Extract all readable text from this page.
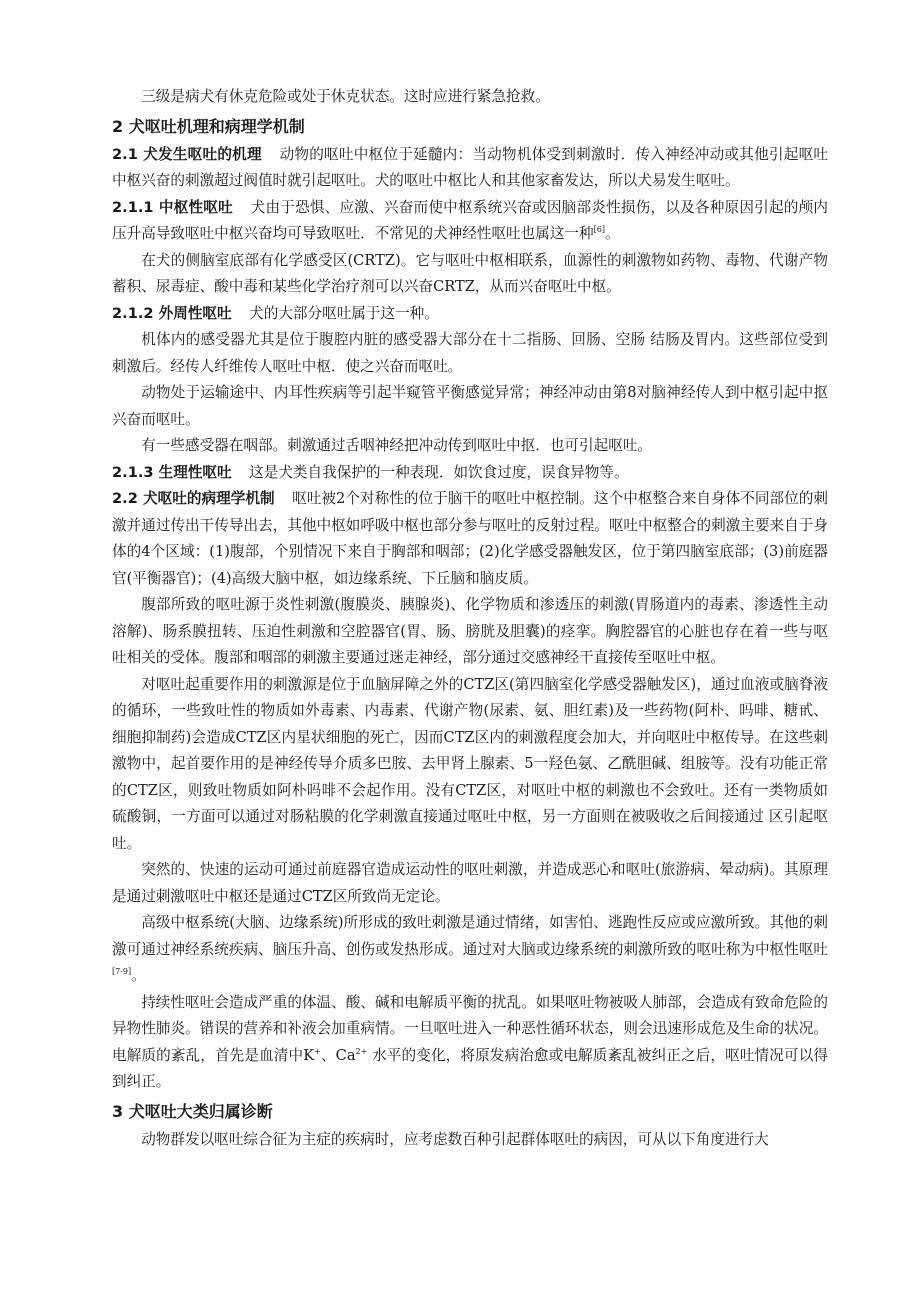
三级是病犬有休克危险或处于休克状态。这时应进行紧急抢救。

2 犬呕吐机理和病理学机制

2.1 犬发生呕吐的机理 动物的呕吐中枢位于延髓内：当动物机体受到刺激时．传入神经冲动或其他引起呕吐中枢兴奋的刺激超过阀值时就引起呕吐。犬的呕吐中枢比人和其他家畜发达，所以犬易发生呕吐。

2.1.1 中枢性呕吐 犬由于恐惧、应激、兴奋而使中枢系统兴奋或因脑部炎性损伤，以及各种原因引起的颅内压升高导致呕吐中枢兴奋均可导致呕吐．不常见的犬神经性呕吐也属这一种[6]。

在犬的侧脑室底部有化学感受区(CRTZ)。它与呕吐中枢相联系，血源性的刺激物如药物、毒物、代谢产物蓄积、尿毒症、酸中毒和某些化学治疗剂可以兴奋CRTZ，从而兴奋呕吐中枢。

2.1.2 外周性呕吐 犬的大部分呕吐属于这一种。

机体内的感受器尤其是位于腹腔内脏的感受器大部分在十二指肠、回肠、空肠 结肠及胃内。这些部位受到刺激后。经传人纤维传人呕吐中枢．使之兴奋而呕吐。

动物处于运输途中、内耳性疾病等引起半窥管平衡感觉异常；神经冲动由第8对脑神经传人到中枢引起中抠兴奋而呕吐。

有一些感受器在咽部。刺激通过舌咽神经把冲动传到呕吐中抠．也可引起呕吐。

2.1.3 生理性呕吐 这是犬类自我保护的一种表现．如饮食过度，误食异物等。

2.2 犬呕吐的病理学机制 呕吐被2个对称性的位于脑干的呕吐中枢控制。这个中枢整合来自身体不同部位的刺激并通过传出干传导出去，其他中枢如呼吸中枢也部分参与呕吐的反射过程。呕吐中枢整合的刺激主要来自于身体的4个区域：(1)腹部，个别情况下来自于胸部和咽部；(2)化学感受器触发区，位于第四脑室底部；(3)前庭器官(平衡器官)；(4)高级大脑中枢，如边缘系统、下丘脑和脑皮质。

腹部所致的呕吐源于炎性刺激(腹膜炎、胰腺炎)、化学物质和渗透压的刺激(胃肠道内的毒素、渗透性主动溶解)、肠系膜扭转、压迫性刺激和空腔器官(胃、肠、膀胱及胆囊)的痉挛。胸腔器官的心脏也存在着一些与呕吐相关的受体。腹部和咽部的刺激主要通过迷走神经，部分通过交感神经干直接传至呕吐中枢。

对呕吐起重要作用的刺激源是位于血脑屏障之外的CTZ区(第四脑室化学感受器触发区)，通过血液或脑脊液的循环，一些致吐性的物质如外毒素、内毒素、代谢产物(尿素、氨、胆红素)及一些药物(阿朴、吗啡、糖甙、细胞抑制药)会造成CTZ区内星状细胞的死亡，因而CTZ区内的刺激程度会加大，并向呕吐中枢传导。在这些刺激物中，起首要作用的是神经传导介质多巴胺、去甲肾上腺素、5一羟色氨、乙酰胆碱、组胺等。没有功能正常的CTZ区，则致吐物质如阿朴吗啡不会起作用。没有CTZ区，对呕吐中枢的刺激也不会致吐。还有一类物质如硫酸铜，一方面可以通过对肠粘膜的化学刺激直接通过呕吐中枢，另一方面则在被吸收之后间接通过 区引起呕吐。

突然的、快速的运动可通过前庭器官造成运动性的呕吐刺激，并造成恶心和呕吐(旅游病、晕动病)。其原理是通过刺激呕吐中枢还是通过CTZ区所致尚无定论。

高级中枢系统(大脑、边缘系统)所形成的致吐刺激是通过情绪，如害怕、逃跑性反应或应激所致。其他的刺激可通过神经系统疾病、脑压升高、创伤或发热形成。通过对大脑或边缘系统的刺激所致的呕吐称为中枢性呕吐[7-9]。

持续性呕吐会造成严重的体温、酸、碱和电解质平衡的扰乱。如果呕吐物被吸人肺部，会造成有致命危险的异物性肺炎。错误的营养和补液会加重病情。一旦呕吐进入一种恶性循环状态，则会迅速形成危及生命的状况。电解质的紊乱，首先是血清中K+、$Ca^{2+}$ 水平的变化，将原发病治愈或电解质紊乱被纠正之后，呕吐情况可以得到纠正。

3 犬呕吐大类归属诊断

动物群发以呕吐综合征为主症的疾病时，应考虑数百种引起群体呕吐的病因，可从以下角度进行大
